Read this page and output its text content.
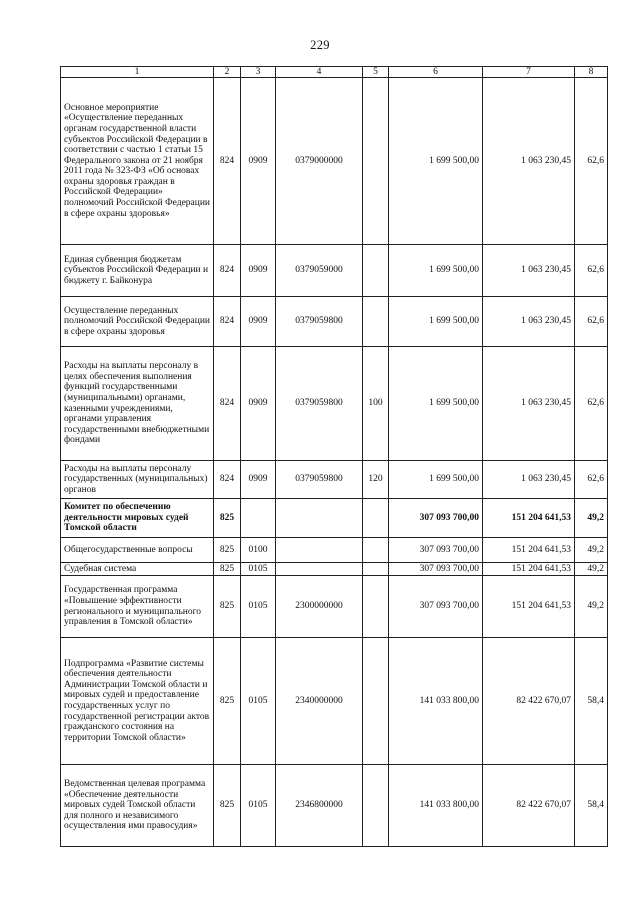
229
1	2	3	4	5	6	7	8
Основное мероприятие «Осуществление переданных органам государственной власти субъектов Российской Федерации в соответствии с частью 1 статьи 15 Федерального закона от 21 ноября 2011 года № 323-ФЗ «Об основах охраны здоровья граждан в Российской Федерации» полномочий Российской Федерации в сфере охраны здоровья»	824	0909	0379000000		1 699 500,00	1 063 230,45	62,6
Единая субвенция бюджетам субъектов Российской Федерации и бюджету г. Байконура	824	0909	0379059000		1 699 500,00	1 063 230,45	62,6
Осуществление переданных полномочий Российской Федерации в сфере охраны здоровья	824	0909	0379059800		1 699 500,00	1 063 230,45	62,6
Расходы на выплаты персоналу в целях обеспечения выполнения функций государственными (муниципальными) органами, казенными учреждениями, органами управления государственными внебюджетными фондами	824	0909	0379059800	100	1 699 500,00	1 063 230,45	62,6
Расходы на выплаты персоналу государственных (муниципальных) органов	824	0909	0379059800	120	1 699 500,00	1 063 230,45	62,6
Комитет по обеспечению деятельности мировых судей Томской области	825				307 093 700,00	151 204 641,53	49,2
Общегосударственные вопросы	825	0100			307 093 700,00	151 204 641,53	49,2
Судебная система	825	0105			307 093 700,00	151 204 641,53	49,2
Государственная программа «Повышение эффективности регионального и муниципального управления в Томской области»	825	0105	2300000000		307 093 700,00	151 204 641,53	49,2
Подпрограмма «Развитие системы обеспечения деятельности Администрации Томской области и мировых судей и предоставление государственных услуг по государственной регистрации актов гражданского состояния на территории Томской области»	825	0105	2340000000		141 033 800,00	82 422 670,07	58,4
Ведомственная целевая программа «Обеспечение деятельности мировых судей Томской области для полного и независимого осуществления ими правосудия»	825	0105	2346800000		141 033 800,00	82 422 670,07	58,4
